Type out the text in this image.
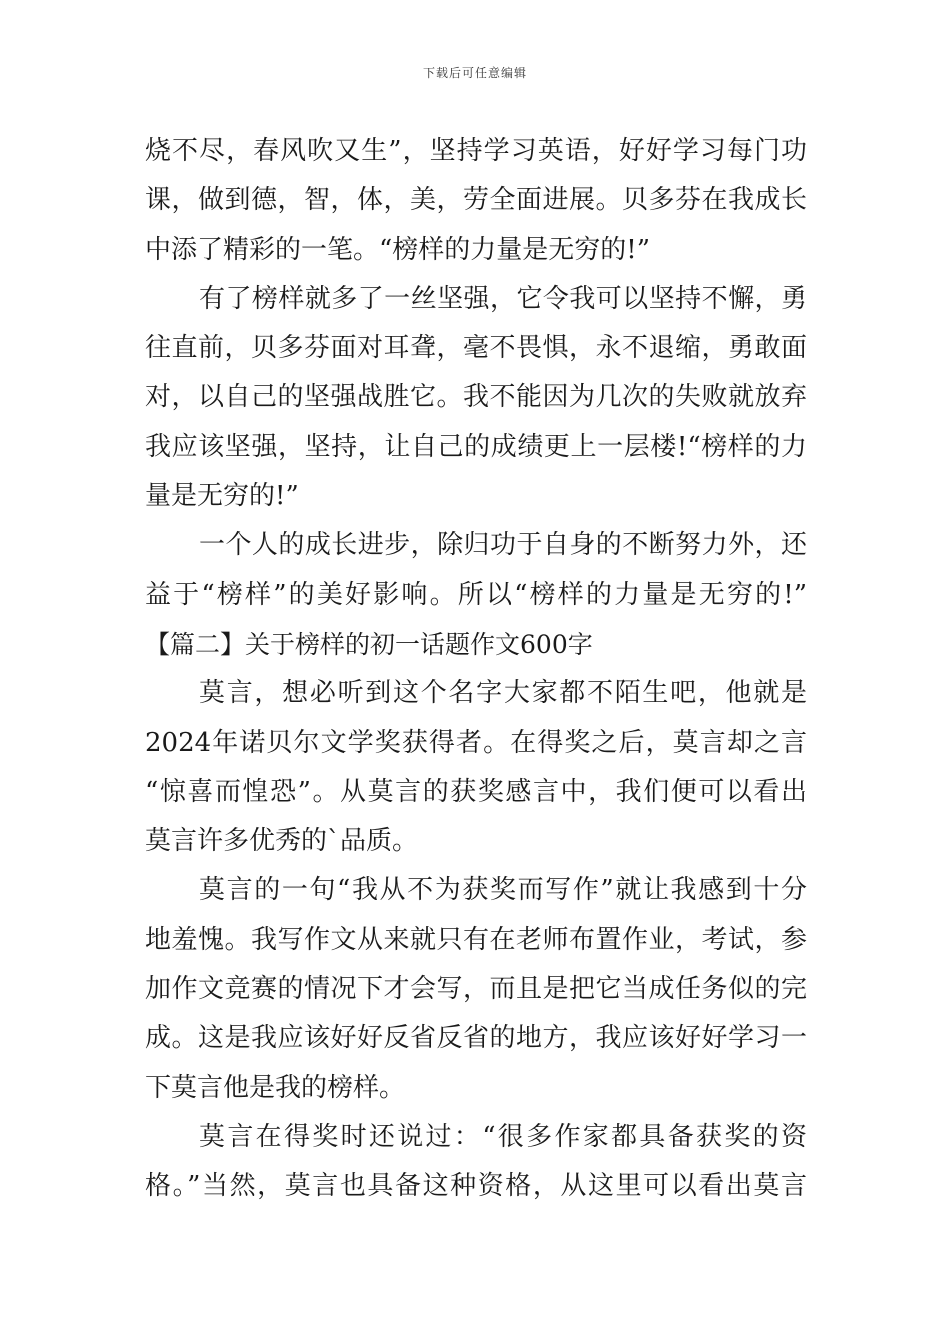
下载后可任意编辑
烧不尽，春风吹又生”，坚持学习英语，好好学习每门功
课，做到德，智，体，美，劳全面进展。贝多芬在我成长
中添了精彩的一笔。“榜样的力量是无穷的!”
有了榜样就多了一丝坚强，它令我可以坚持不懈，勇
往直前，贝多芬面对耳聋，毫不畏惧，永不退缩，勇敢面
对，以自己的坚强战胜它。我不能因为几次的失败就放弃
我应该坚强，坚持，让自己的成绩更上一层楼!“榜样的力
量是无穷的!”
一个人的成长进步，除归功于自身的不断努力外，还
益于“榜样”的美好影响。所以“榜样的力量是无穷的!”
【篇二】关于榜样的初一话题作文600字
莫言，想必听到这个名字大家都不陌生吧，他就是
2024年诺贝尔文学奖获得者。在得奖之后，莫言却之言
“惊喜而惶恐”。从莫言的获奖感言中，我们便可以看出
莫言许多优秀的`品质。
莫言的一句“我从不为获奖而写作”就让我感到十分
地羞愧。我写作文从来就只有在老师布置作业，考试，参
加作文竞赛的情况下才会写，而且是把它当成任务似的完
成。这是我应该好好反省反省的地方，我应该好好学习一
下莫言他是我的榜样。
莫言在得奖时还说过：“很多作家都具备获奖的资
格。”当然，莫言也具备这种资格，从这里可以看出莫言
